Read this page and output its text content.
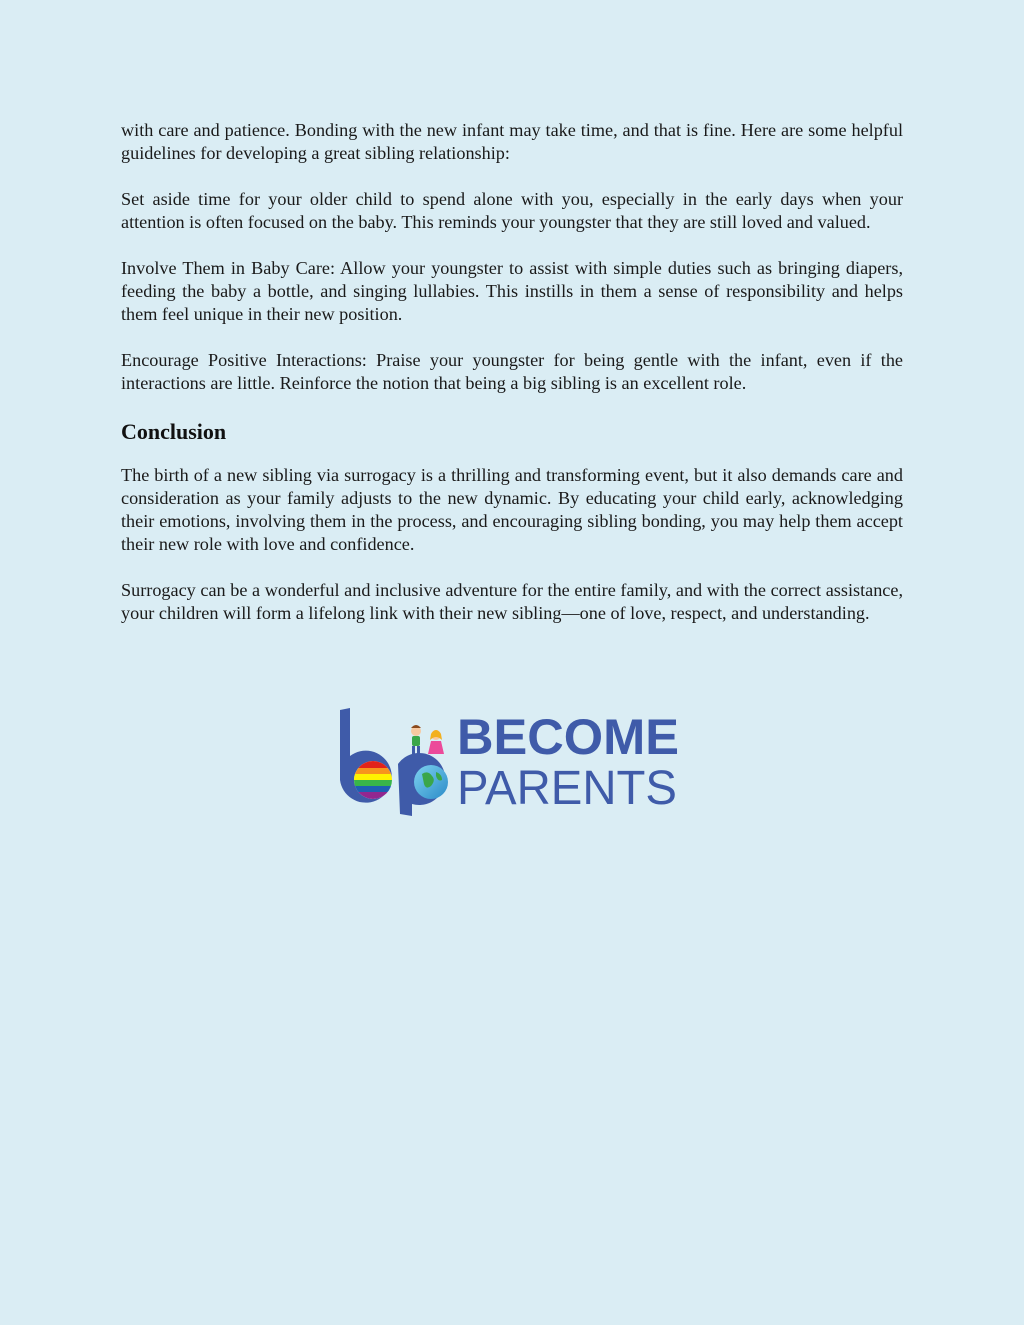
with care and patience. Bonding with the new infant may take time, and that is fine. Here are some helpful guidelines for developing a great sibling relationship:

Set aside time for your older child to spend alone with you, especially in the early days when your attention is often focused on the baby. This reminds your youngster that they are still loved and valued.

Involve Them in Baby Care: Allow your youngster to assist with simple duties such as bringing diapers, feeding the baby a bottle, and singing lullabies. This instills in them a sense of responsibility and helps them feel unique in their new position.

Encourage Positive Interactions: Praise your youngster for being gentle with the infant, even if the interactions are little. Reinforce the notion that being a big sibling is an excellent role.

Conclusion

The birth of a new sibling via surrogacy is a thrilling and transforming event, but it also demands care and consideration as your family adjusts to the new dynamic. By educating your child early, acknowledging their emotions, involving them in the process, and encouraging sibling bonding, you may help them accept their new role with love and confidence.

Surrogacy can be a wonderful and inclusive adventure for the entire family, and with the correct assistance, your children will form a lifelong link with their new sibling—one of love, respect, and understanding.

BECOME
PARENTS
